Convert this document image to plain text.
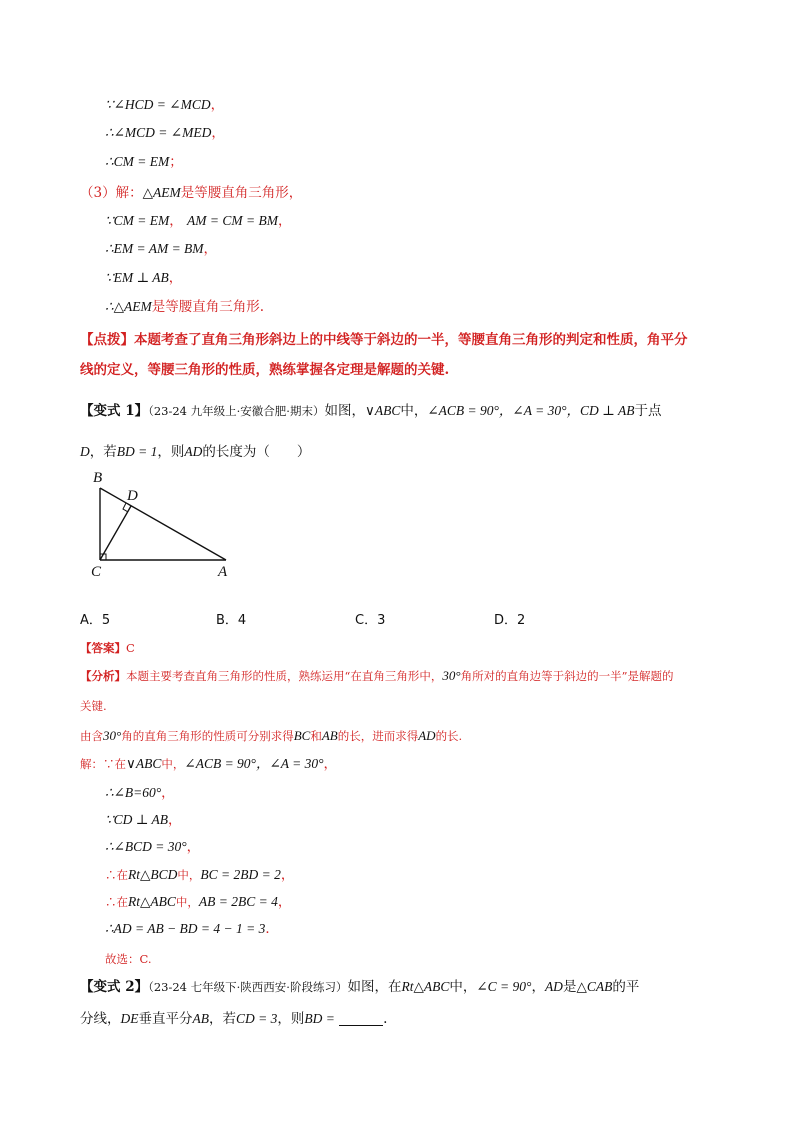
∵∠HCD = ∠MCD，
∴∠MCD = ∠MED，
∴CM = EM；
（3）解：△AEM是等腰直角三角形，
∵CM = EM， AM = CM = BM，
∴EM = AM = BM，
∵EM ⊥ AB，
∴△AEM是等腰直角三角形.
【点拨】本题考查了直角三角形斜边上的中线等于斜边的一半，等腰直角三角形的判定和性质，角平分
线的定义，等腰三角形的性质，熟练掌握各定理是解题的关键.
【变式 1】（23-24 九年级上·安徽合肥·期末）如图，∨ABC中，∠ACB = 90°，∠A = 30°，CD ⊥ AB于点
D，若BD = 1，则AD的长度为（　　）
B
D
C	A
A．5	B．4	C．3	D．2
【答案】C
【分析】本题主要考查直角三角形的性质，熟练运用“在直角三角形中，30°角所对的直角边等于斜边的一半”是解题的
关键.
由含30°角的直角三角形的性质可分别求得BC和AB的长，进而求得AD的长.
解：∵在∨ABC中，∠ACB = 90°，∠A = 30°，
∴∠B=60°，
∵CD ⊥ AB，
∴∠BCD = 30°，
∴在Rt△BCD中，BC = 2BD = 2，
∴在Rt△ABC中，AB = 2BC = 4，
∴AD = AB − BD = 4 − 1 = 3．
故选：C.
【变式 2】（23-24 七年级下·陕西西安·阶段练习）如图，在Rt△ABC中，∠C = 90°，AD是△CAB的平
分线，DE垂直平分AB，若CD = 3，则BD =	.
